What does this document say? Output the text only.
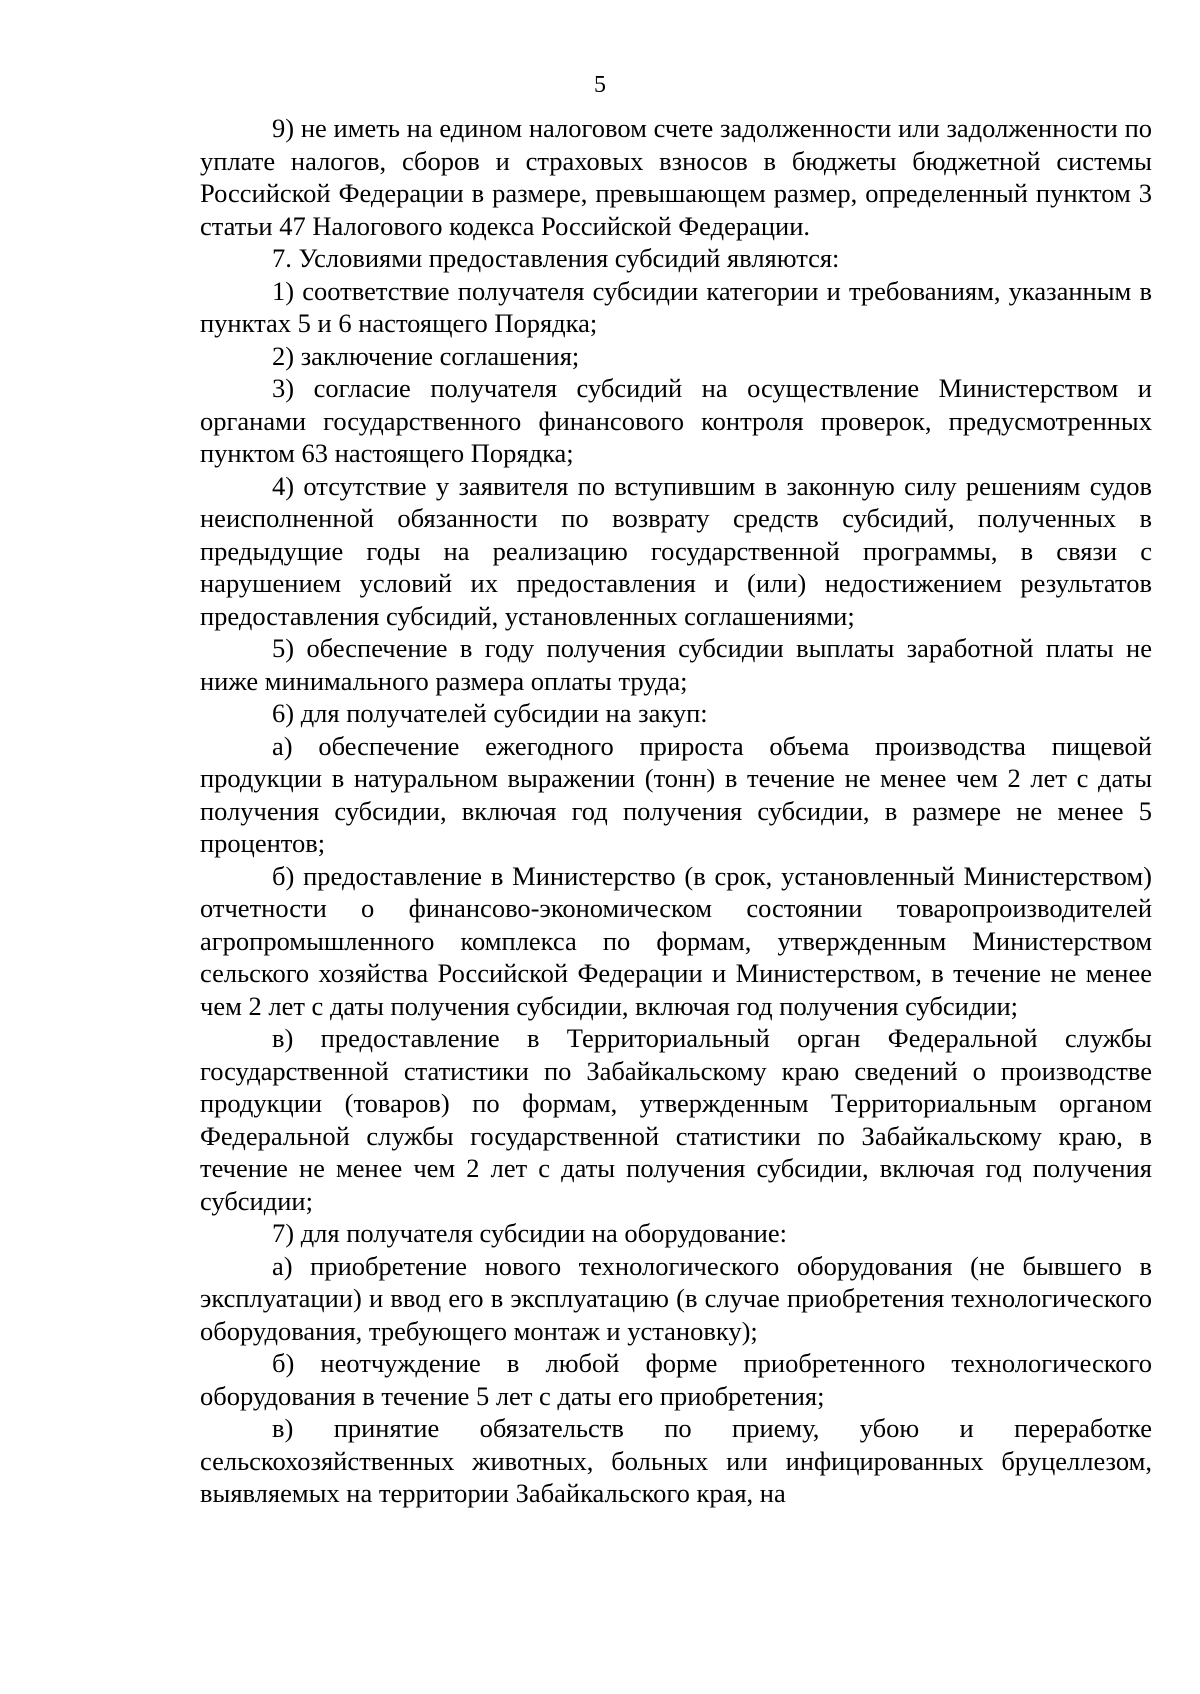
5

9) не иметь на едином налоговом счете задолженности или задолженности по уплате налогов, сборов и страховых взносов в бюджеты бюджетной системы Российской Федерации в размере, превышающем размер, определенный пунктом 3 статьи 47 Налогового кодекса Российской Федерации.

7. Условиями предоставления субсидий являются:

1) соответствие получателя субсидии категории и требованиям, указанным в пунктах 5 и 6 настоящего Порядка;

2) заключение соглашения;

3) согласие получателя субсидий на осуществление Министерством и органами государственного финансового контроля проверок, предусмотренных пунктом 63 настоящего Порядка;

4) отсутствие у заявителя по вступившим в законную силу решениям судов неисполненной обязанности по возврату средств субсидий, полученных в предыдущие годы на реализацию государственной программы, в связи с нарушением условий их предоставления и (или) недостижением результатов предоставления субсидий, установленных соглашениями;

5) обеспечение в году получения субсидии выплаты заработной платы не ниже минимального размера оплаты труда;

6) для получателей субсидии на закуп:

а) обеспечение ежегодного прироста объема производства пищевой продукции в натуральном выражении (тонн) в течение не менее чем 2 лет с даты получения субсидии, включая год получения субсидии, в размере не менее 5 процентов;

б) предоставление в Министерство (в срок, установленный Министерством) отчетности о финансово-экономическом состоянии товаропроизводителей агропромышленного комплекса по формам, утвержденным Министерством сельского хозяйства Российской Федерации и Министерством, в течение не менее чем 2 лет с даты получения субсидии, включая год получения субсидии;

в) предоставление в Территориальный орган Федеральной службы государственной статистики по Забайкальскому краю сведений о производстве продукции (товаров) по формам, утвержденным Территориальным органом Федеральной службы государственной статистики по Забайкальскому краю, в течение не менее чем 2 лет с даты получения субсидии, включая год получения субсидии;

7) для получателя субсидии на оборудование:

а) приобретение нового технологического оборудования (не бывшего в эксплуатации) и ввод его в эксплуатацию (в случае приобретения технологического оборудования, требующего монтаж и установку);

б) неотчуждение в любой форме приобретенного технологического оборудования в течение 5 лет с даты его приобретения;

в) принятие обязательств по приему, убою и переработке сельскохозяйственных животных, больных или инфицированных бруцеллезом, выявляемых на территории Забайкальского края, на
